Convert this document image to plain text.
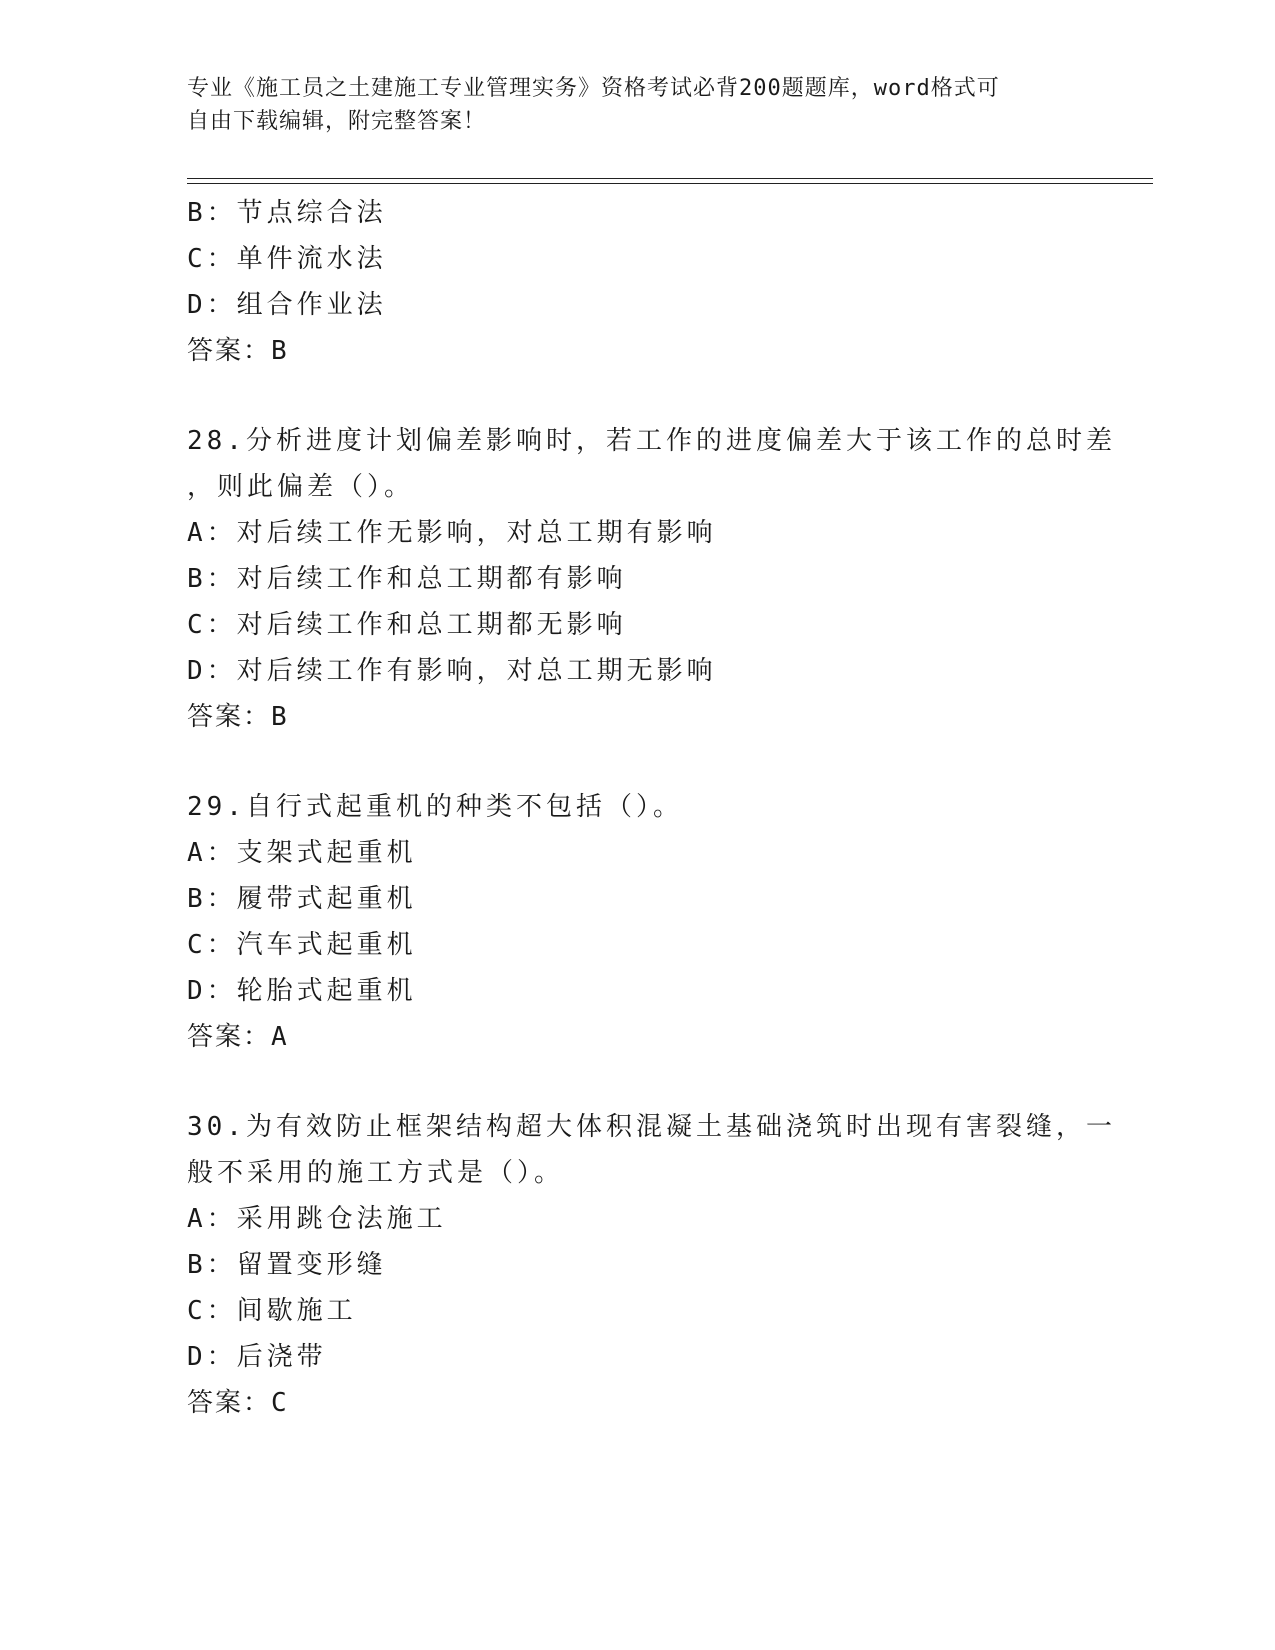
专业《施工员之土建施工专业管理实务》资格考试必背200题题库，word格式可
自由下载编辑，附完整答案！
B：节点综合法
C：单件流水法
D：组合作业法
答案：B
28.分析进度计划偏差影响时，若工作的进度偏差大于该工作的总时差
，则此偏差（）。
A：对后续工作无影响，对总工期有影响
B：对后续工作和总工期都有影响
C：对后续工作和总工期都无影响
D：对后续工作有影响，对总工期无影响
答案：B
29.自行式起重机的种类不包括（）。
A：支架式起重机
B：履带式起重机
C：汽车式起重机
D：轮胎式起重机
答案：A
30.为有效防止框架结构超大体积混凝土基础浇筑时出现有害裂缝，一
般不采用的施工方式是（）。
A：采用跳仓法施工
B：留置变形缝
C：间歇施工
D：后浇带
答案：C
